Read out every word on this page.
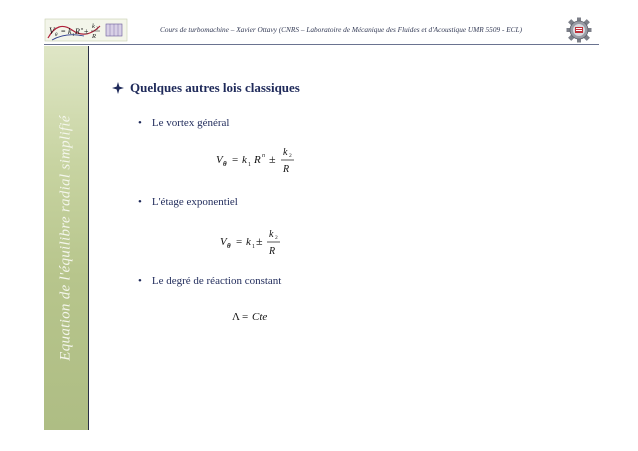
V θ = k 1 R n ±
k 2
R
Cours de turbomachine – Xavier Ottavy (CNRS – Laboratoire de Mécanique des Fluides et d'Acoustique UMR 5509 - ECL)
Equation de l'équilibre radial simplifié
Quelques autres lois classiques
• Le vortex général
V θ = k 1 R n ± k 2
R
• L'étage exponentiel
V θ = k 1 ± k 2
R
• Le degré de réaction constant
Λ = Cte
